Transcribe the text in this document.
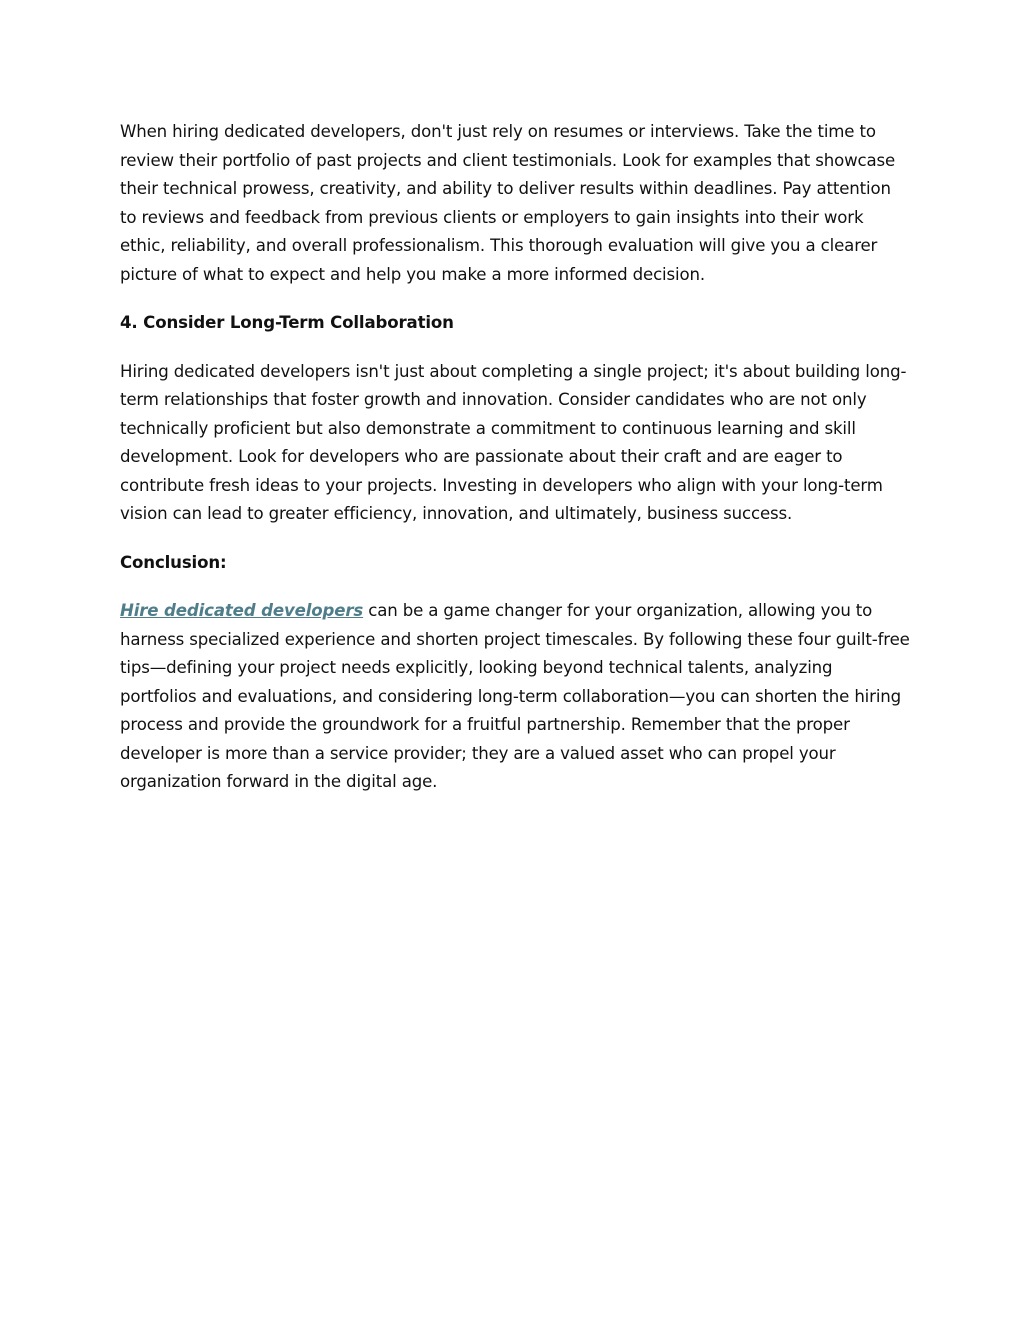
When hiring dedicated developers, don't just rely on resumes or interviews. Take the time to review their portfolio of past projects and client testimonials. Look for examples that showcase their technical prowess, creativity, and ability to deliver results within deadlines. Pay attention to reviews and feedback from previous clients or employers to gain insights into their work ethic, reliability, and overall professionalism. This thorough evaluation will give you a clearer picture of what to expect and help you make a more informed decision.

4. Consider Long-Term Collaboration

Hiring dedicated developers isn't just about completing a single project; it's about building long-term relationships that foster growth and innovation. Consider candidates who are not only technically proficient but also demonstrate a commitment to continuous learning and skill development. Look for developers who are passionate about their craft and are eager to contribute fresh ideas to your projects. Investing in developers who align with your long-term vision can lead to greater efficiency, innovation, and ultimately, business success.

Conclusion:

Hire dedicated developers can be a game changer for your organization, allowing you to harness specialized experience and shorten project timescales. By following these four guilt-free tips—defining your project needs explicitly, looking beyond technical talents, analyzing portfolios and evaluations, and considering long-term collaboration—you can shorten the hiring process and provide the groundwork for a fruitful partnership. Remember that the proper developer is more than a service provider; they are a valued asset who can propel your organization forward in the digital age.
